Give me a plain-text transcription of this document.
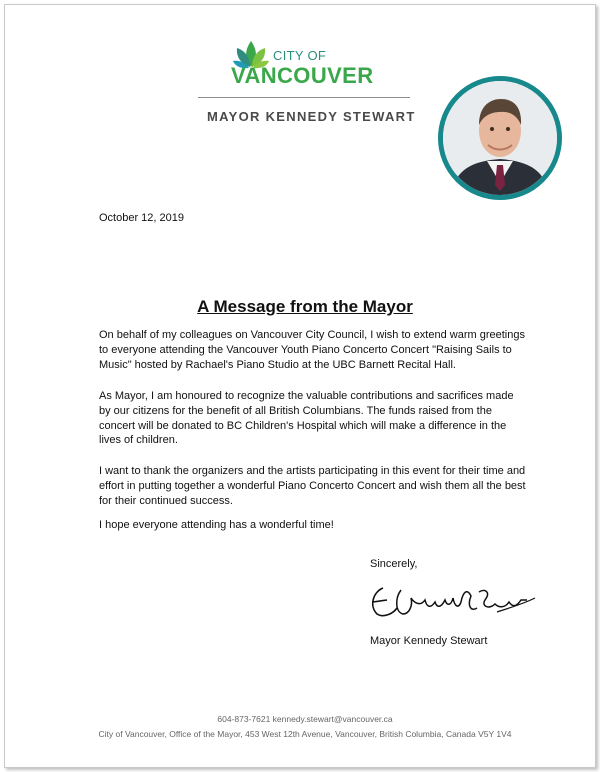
CITY OF
VANCOUVER
MAYOR KENNEDY STEWART
October 12, 2019
A Message from the Mayor

On behalf of my colleagues on Vancouver City Council, I wish to extend warm greetings to everyone attending the Vancouver Youth Piano Concerto Concert "Raising Sails to Music" hosted by Rachael's Piano Studio at the UBC Barnett Recital Hall.

As Mayor, I am honoured to recognize the valuable contributions and sacrifices made by our citizens for the benefit of all British Columbians. The funds raised from the concert will be donated to BC Children's Hospital which will make a difference in the lives of children.

I want to thank the organizers and the artists participating in this event for their time and effort in putting together a wonderful Piano Concerto Concert and wish them all the best for their continued success.

I hope everyone attending has a wonderful time!

Sincerely,
Mayor Kennedy Stewart
604-873-7621 kennedy.stewart@vancouver.ca
City of Vancouver, Office of the Mayor, 453 West 12th Avenue, Vancouver, British Columbia, Canada V5Y 1V4
